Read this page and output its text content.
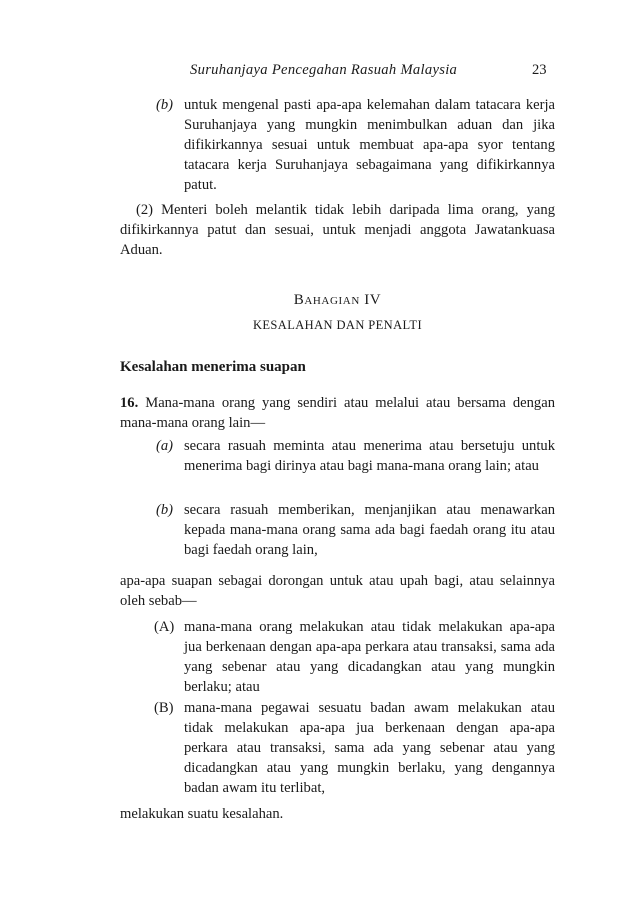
Suruhanjaya Pencegahan Rasuah Malaysia	23
(b) untuk mengenal pasti apa-apa kelemahan dalam tatacara kerja Suruhanjaya yang mungkin menimbulkan aduan dan jika difikirkannya sesuai untuk membuat apa-apa syor tentang tatacara kerja Suruhanjaya sebagaimana yang difikirkannya patut.
(2) Menteri boleh melantik tidak lebih daripada lima orang, yang difikirkannya patut dan sesuai, untuk menjadi anggota Jawatankuasa Aduan.
Bahagian IV
KESALAHAN DAN PENALTI
Kesalahan menerima suapan
16. Mana-mana orang yang sendiri atau melalui atau bersama dengan mana-mana orang lain—
(a) secara rasuah meminta atau menerima atau bersetuju untuk menerima bagi dirinya atau bagi mana-mana orang lain; atau
(b) secara rasuah memberikan, menjanjikan atau menawarkan kepada mana-mana orang sama ada bagi faedah orang itu atau bagi faedah orang lain,
apa-apa suapan sebagai dorongan untuk atau upah bagi, atau selainnya oleh sebab—
(A) mana-mana orang melakukan atau tidak melakukan apa-apa jua berkenaan dengan apa-apa perkara atau transaksi, sama ada yang sebenar atau yang dicadangkan atau yang mungkin berlaku; atau
(B) mana-mana pegawai sesuatu badan awam melakukan atau tidak melakukan apa-apa jua berkenaan dengan apa-apa perkara atau transaksi, sama ada yang sebenar atau yang dicadangkan atau yang mungkin berlaku, yang dengannya badan awam itu terlibat,
melakukan suatu kesalahan.
